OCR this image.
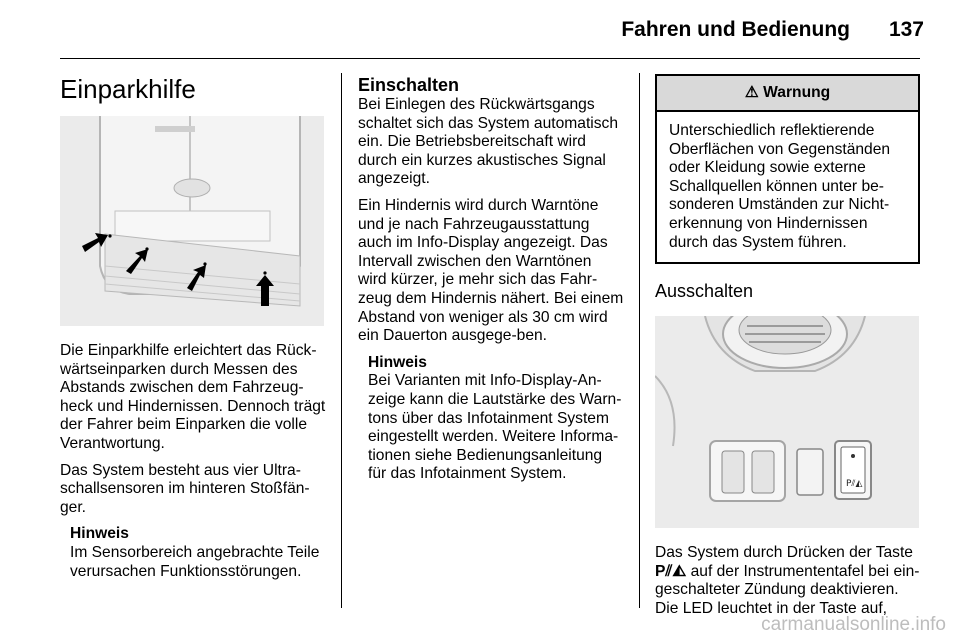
Fahren und Bedienung 137
Einparkhilfe

Die Einparkhilfe erleichtert das Rück-wärtseinparken durch Messen des Abstands zwischen dem Fahrzeug-heck und Hindernissen. Dennoch trägt der Fahrer beim Einparken die volle Verantwortung.

Das System besteht aus vier Ultra-schallsensoren im hinteren Stoßfän-ger.

Hinweis
Im Sensorbereich angebrachte Teile verursachen Funktionsstörungen.
Einschalten

Bei Einlegen des Rückwärtsgangs schaltet sich das System automatisch ein. Die Betriebsbereitschaft wird durch ein kurzes akustisches Signal angezeigt.

Ein Hindernis wird durch Warntöne und je nach Fahrzeugausstattung auch im Info-Display angezeigt. Das Intervall zwischen den Warntönen wird kürzer, je mehr sich das Fahr-zeug dem Hindernis nähert. Bei einem Abstand von weniger als 30 cm wird ein Dauerton ausgege-ben.

Hinweis
Bei Varianten mit Info-Display-An-zeige kann die Lautstärke des Warn-tons über das Infotainment System eingestellt werden. Weitere Informa-tionen siehe Bedienungsanleitung für das Infotainment System.
⚠ Warnung
Unterschiedlich reflektierende Oberflächen von Gegenständen oder Kleidung sowie externe Schallquellen können unter be-sonderen Umständen zur Nicht-erkennung von Hindernissen durch das System führen.
Ausschalten
P⫽◭

Das System durch Drücken der Taste P⫽◭ auf der Instrumententafel bei ein-geschalteter Zündung deaktivieren. Die LED leuchtet in der Taste auf,

carmanualsonline.info
